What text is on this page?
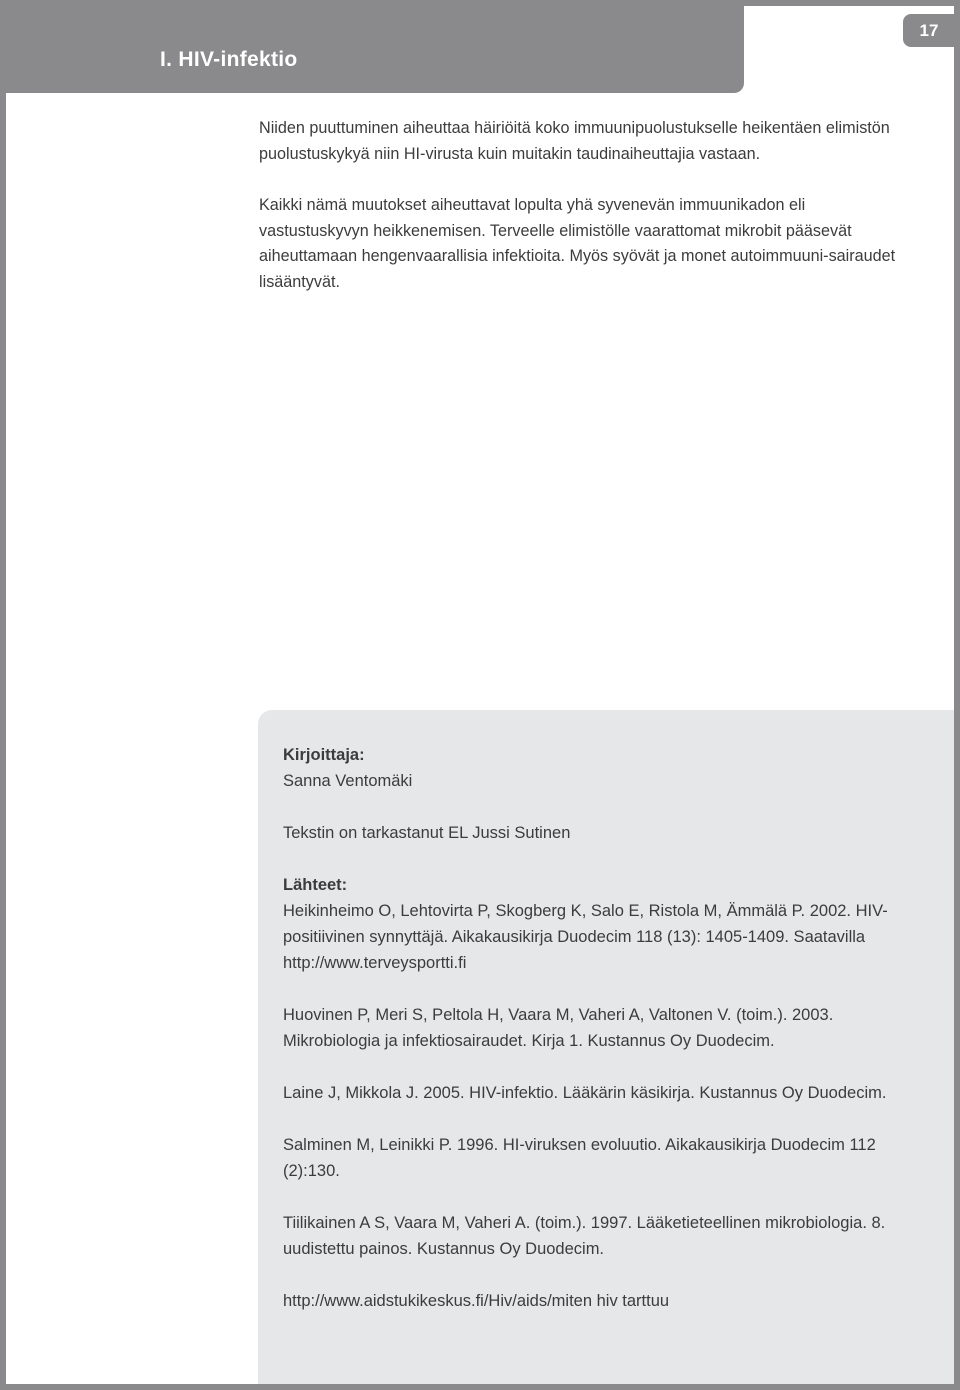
I. HIV-infektio
17

Niiden puuttuminen aiheuttaa häiriöitä koko immuunipuolustukselle heikentäen elimistön puolustuskykyä niin HI-virusta kuin muitakin taudinaiheuttajia vastaan.

Kaikki nämä muutokset aiheuttavat lopulta yhä syvenevän immuunikadon eli vastustuskyvyn heikkenemisen. Terveelle elimistölle vaarattomat mikrobit pääsevät aiheuttamaan hengenvaarallisia infektioita. Myös syövät ja monet autoimmuuni-sairaudet lisääntyvät.

Kirjoittaja:
Sanna Ventomäki

Tekstin on tarkastanut EL Jussi Sutinen

Lähteet:

Heikinheimo O, Lehtovirta P, Skogberg K, Salo E, Ristola M, Ämmälä P. 2002. HIV-positiivinen synnyttäjä. Aikakausikirja Duodecim 118 (13): 1405-1409. Saatavilla http://www.terveysportti.fi

Huovinen P, Meri S, Peltola H, Vaara M, Vaheri A, Valtonen V. (toim.). 2003. Mikrobiologia ja infektiosairaudet. Kirja 1. Kustannus Oy Duodecim.

Laine J, Mikkola J. 2005. HIV-infektio. Lääkärin käsikirja. Kustannus Oy Duodecim.

Salminen M, Leinikki P. 1996. HI-viruksen evoluutio. Aikakausikirja Duodecim 112 (2):130.

Tiilikainen A S, Vaara M, Vaheri A. (toim.). 1997. Lääketieteellinen mikrobiologia. 8. uudistettu painos. Kustannus Oy Duodecim.

http://www.aidstukikeskus.fi/Hiv/aids/miten hiv tarttuu
